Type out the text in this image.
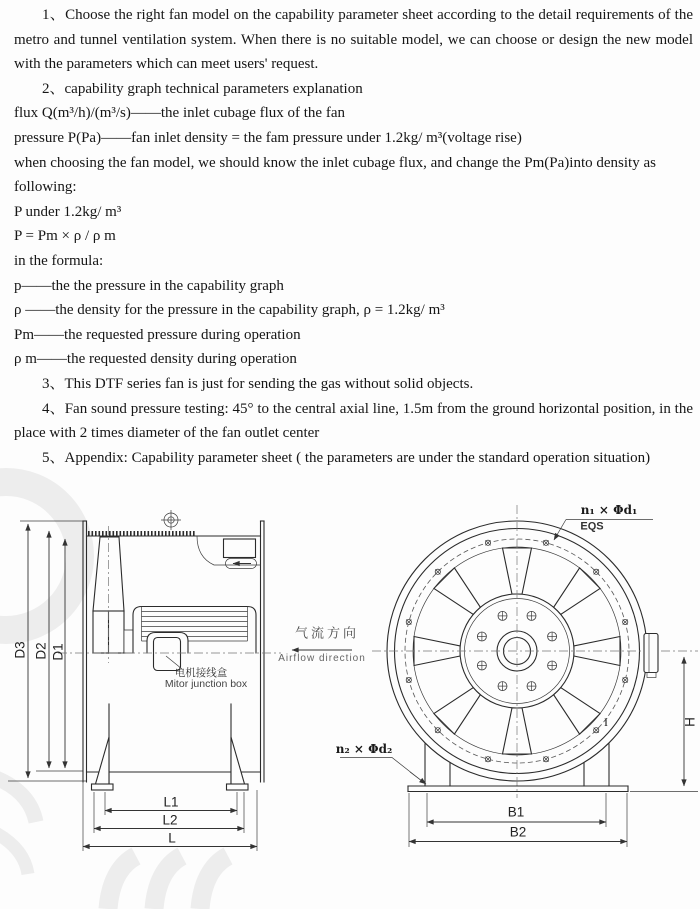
1、Choose the right fan model on the capability parameter sheet according to the detail requirements of the metro and tunnel ventilation system. When there is no suitable model, we can choose or design the new model with the parameters which can meet users' request.

2、capability graph technical parameters explanation

flux Q(m³/h)/(m³/s)——the inlet cubage flux of the fan

pressure P(Pa)——fan inlet density = the fam pressure under 1.2kg/ m³(voltage rise)

when choosing the fan model, we should know the inlet cubage flux, and change the Pm(Pa)into density as following:

P under 1.2kg/ m³

P = Pm × ρ / ρ m

in the formula:

p——the the pressure in the capability graph

ρ ——the density for the pressure in the capability graph, ρ = 1.2kg/ m³

Pm——the requested pressure during operation

ρ m——the requested density during operation

3、This DTF series fan is just for sending the gas without solid objects.

4、Fan sound pressure testing: 45° to the central axial line, 1.5m from the ground horizontal position, in the place with 2 times diameter of the fan outlet center

5、Appendix: Capability parameter sheet ( the parameters are under the standard operation situation)

D3 D2 D1
L1
L2
L
电机接线盒
Mitor junction box
气流方向
Airflow direction
n₁ × Φd₁
EQS
n₂ × Φd₂
B1
B2
H
I
